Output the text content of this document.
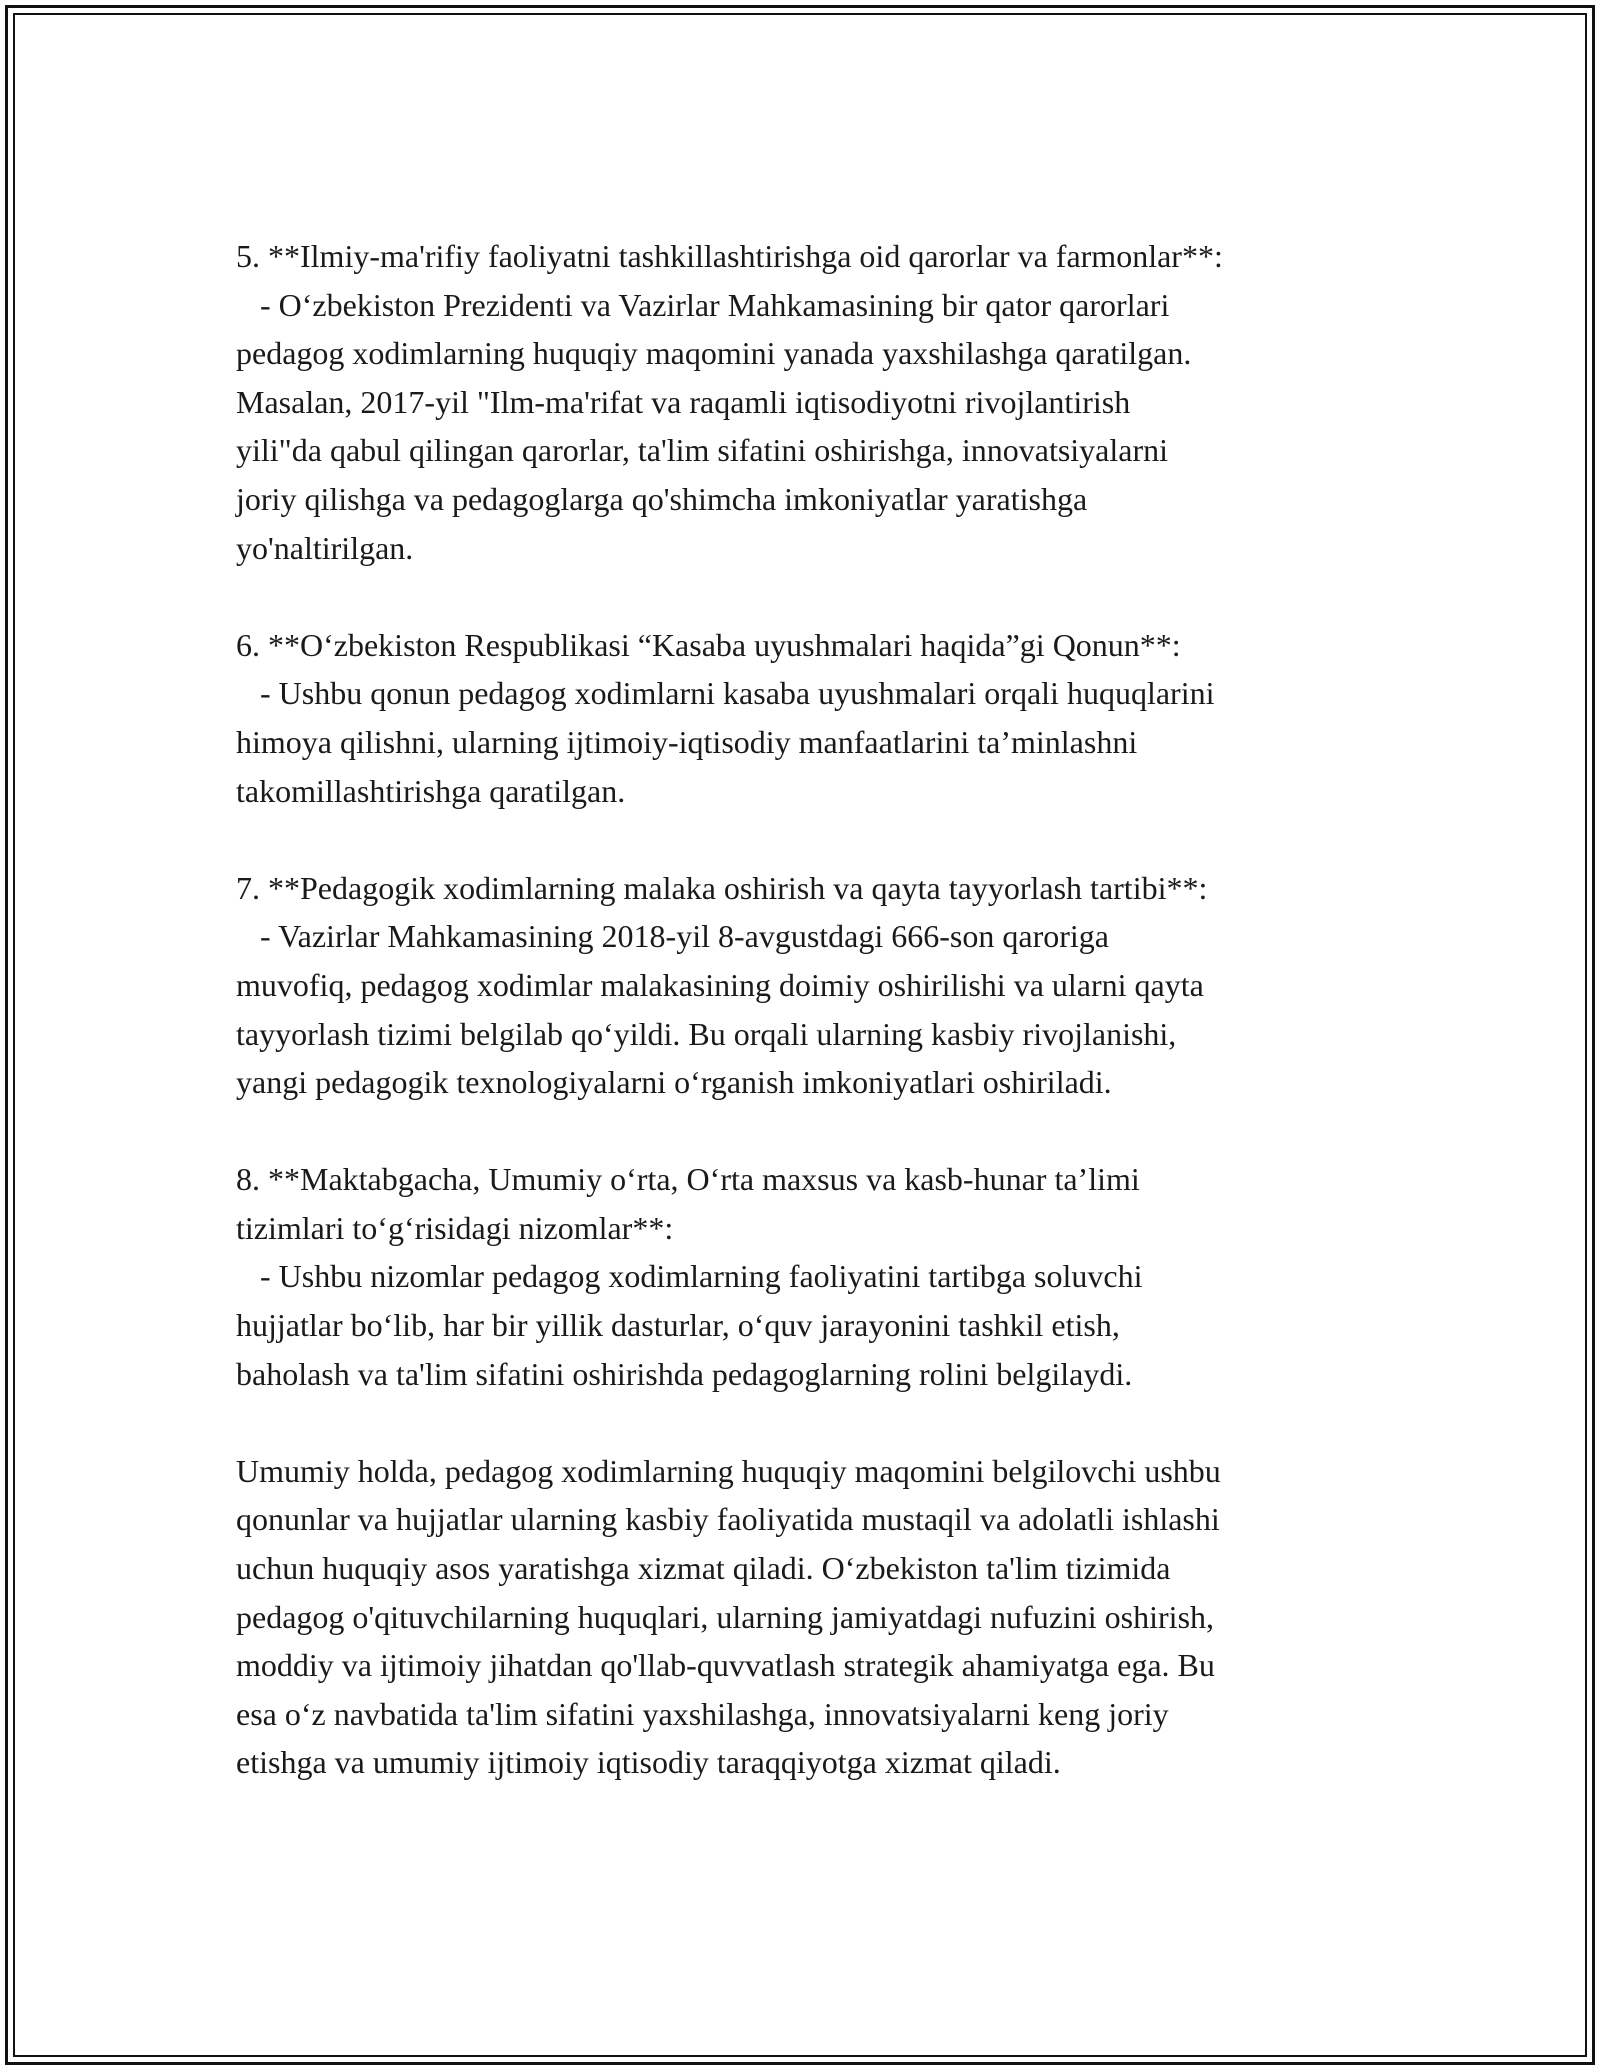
5. **Ilmiy-ma'rifiy faoliyatni tashkillashtirishga oid qarorlar va farmonlar**:
- O‘zbekiston Prezidenti va Vazirlar Mahkamasining bir qator qarorlari
pedagog xodimlarning huquqiy maqomini yanada yaxshilashga qaratilgan.
Masalan, 2017-yil "Ilm-ma'rifat va raqamli iqtisodiyotni rivojlantirish
yili"da qabul qilingan qarorlar, ta'lim sifatini oshirishga, innovatsiyalarni
joriy qilishga va pedagoglarga qo'shimcha imkoniyatlar yaratishga
yo'naltirilgan.
6. **O‘zbekiston Respublikasi “Kasaba uyushmalari haqida”gi Qonun**:
- Ushbu qonun pedagog xodimlarni kasaba uyushmalari orqali huquqlarini
himoya qilishni, ularning ijtimoiy-iqtisodiy manfaatlarini ta’minlashni
takomillashtirishga qaratilgan.
7. **Pedagogik xodimlarning malaka oshirish va qayta tayyorlash tartibi**:
- Vazirlar Mahkamasining 2018-yil 8-avgustdagi 666-son qaroriga
muvofiq, pedagog xodimlar malakasining doimiy oshirilishi va ularni qayta
tayyorlash tizimi belgilab qo‘yildi. Bu orqali ularning kasbiy rivojlanishi,
yangi pedagogik texnologiyalarni o‘rganish imkoniyatlari oshiriladi.
8. **Maktabgacha, Umumiy o‘rta, O‘rta maxsus va kasb-hunar ta’limi
tizimlari to‘g‘risidagi nizomlar**:
- Ushbu nizomlar pedagog xodimlarning faoliyatini tartibga soluvchi
hujjatlar bo‘lib, har bir yillik dasturlar, o‘quv jarayonini tashkil etish,
baholash va ta'lim sifatini oshirishda pedagoglarning rolini belgilaydi.
Umumiy holda, pedagog xodimlarning huquqiy maqomini belgilovchi ushbu
qonunlar va hujjatlar ularning kasbiy faoliyatida mustaqil va adolatli ishlashi
uchun huquqiy asos yaratishga xizmat qiladi. O‘zbekiston ta'lim tizimida
pedagog o'qituvchilarning huquqlari, ularning jamiyatdagi nufuzini oshirish,
moddiy va ijtimoiy jihatdan qo'llab-quvvatlash strategik ahamiyatga ega. Bu
esa o‘z navbatida ta'lim sifatini yaxshilashga, innovatsiyalarni keng joriy
etishga va umumiy ijtimoiy iqtisodiy taraqqiyotga xizmat qiladi.
